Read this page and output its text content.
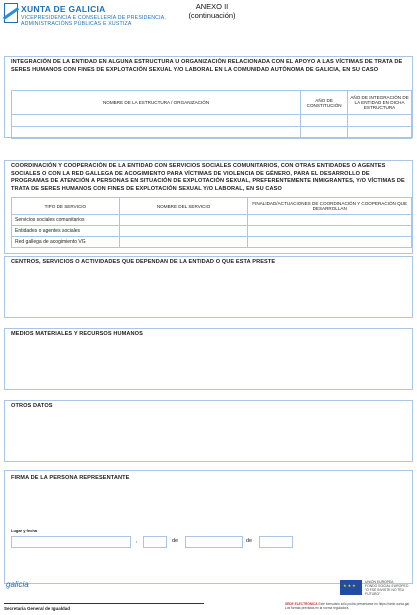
XUNTA DE GALICIA
VICEPRESIDENCIA E CONSELLERÍA DE PRESIDENCIA,
ADMINISTRACIÓNS PÚBLICAS E XUSTIZA
ANEXO II
(continuación)
INTEGRACIÓN DE LA ENTIDAD EN ALGUNA ESTRUCTURA U ORGANIZACIÓN RELACIONADA CON EL APOYO A LAS VÍCTIMAS DE TRATA DE SERES HUMANOS CON FINES DE EXPLOTACIÓN SEXUAL Y/O LABORAL EN LA COMUNIDAD AUTÓNOMA DE GALICIA, EN SU CASO
NOMBRE DE LA ESTRUCTURA / ORGANIZACIÓN	AÑO DE CONSTITUCIÓN	AÑO DE INTEGRACIÓN DE LA ENTIDAD EN DICHA ESTRUCTURA

COORDINACIÓN Y COOPERACIÓN DE LA ENTIDAD CON SERVICIOS SOCIALES COMUNITARIOS, CON OTRAS ENTIDADES O AGENTES SOCIALES O CON LA RED GALLEGA DE ACOGIMIENTO PARA VÍCTIMAS DE VIOLENCIA DE GÉNERO, PARA EL DESARROLLO DE PROGRAMAS DE ATENCIÓN A PERSONAS EN SITUACIÓN DE EXPLOTACIÓN SEXUAL, PREFERENTEMENTE INMIGRANTES, Y/O VÍCTIMAS DE TRATA DE SERES HUMANOS CON FINES DE EXPLOTACIÓN SEXUAL Y/O LABORAL, EN SU CASO
TIPO DE SERVICIO	NOMBRE DEL SERVICIO	FINALIDAD/ACTUACIONES DE COORDINACIÓN Y COOPERACIÓN QUE DESARROLLAN
Servicios sociales comunitarios		
Entidades o agentes sociales		
Red gallega de acogimiento VG		
CENTROS, SERVICIOS O ACTIVIDADES QUE DEPENDAN DE LA ENTIDAD O QUE ESTA PRESTE
MEDIOS MATERIALES Y RECURSOS HUMANOS
OTROS DATOS
FIRMA DE LA PERSONA REPRESENTANTE
Lugar y fecha
,	de	de
galicia
Secretaría General de Igualdad
★★★
UNIÓN EUROPEA
FONDO SOCIAL EUROPEO
“O FSE INVISTE NO TEU FUTURO”
SEDE ELECTRÓNICA Este formulario sólo podrá presentarse en https://sede.xunta.gal. Los formas previstas en la norma reguladora.
